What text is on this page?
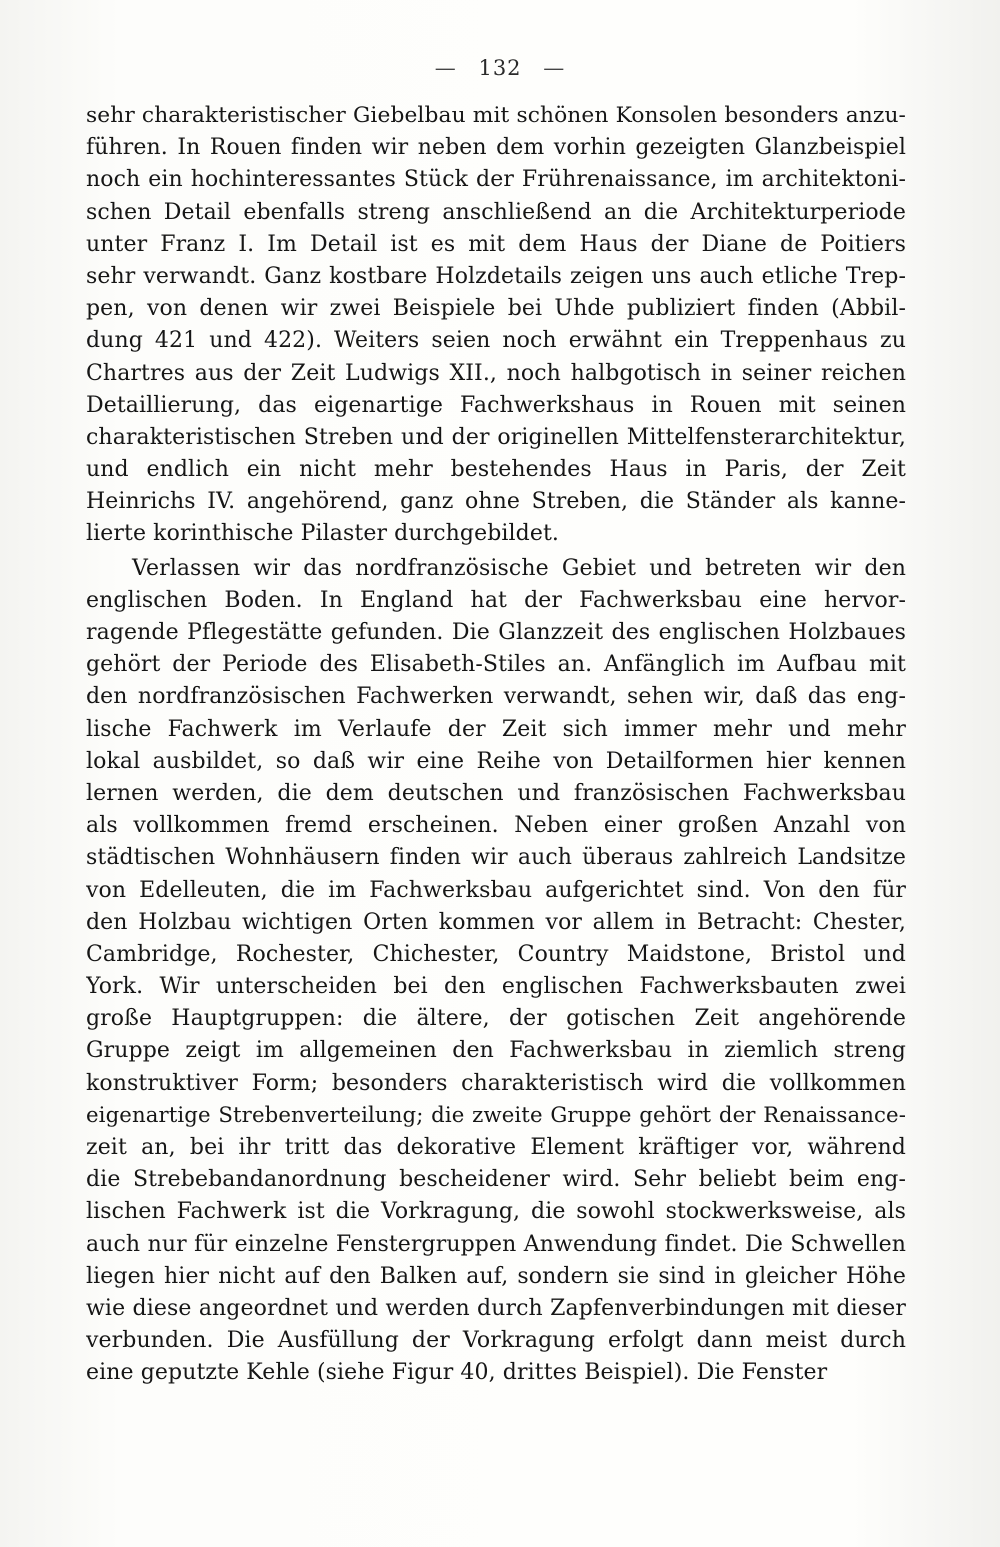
— 132 —
sehr charakteristischer Giebelbau mit schönen Konsolen besonders anzu-
führen. In Rouen finden wir neben dem vorhin gezeigten Glanzbeispiel
noch ein hochinteressantes Stück der Frührenaissance, im architektoni-
schen Detail ebenfalls streng anschließend an die Architekturperiode
unter Franz I. Im Detail ist es mit dem Haus der Diane de Poitiers
sehr verwandt. Ganz kostbare Holzdetails zeigen uns auch etliche Trep-
pen, von denen wir zwei Beispiele bei Uhde publiziert finden (Abbil-
dung 421 und 422). Weiters seien noch erwähnt ein Treppenhaus zu
Chartres aus der Zeit Ludwigs XII., noch halbgotisch in seiner reichen
Detaillierung, das eigenartige Fachwerkshaus in Rouen mit seinen
charakteristischen Streben und der originellen Mittelfensterarchitektur,
und endlich ein nicht mehr bestehendes Haus in Paris, der Zeit
Heinrichs IV. angehörend, ganz ohne Streben, die Ständer als kanne-
lierte korinthische Pilaster durchgebildet.
Verlassen wir das nordfranzösische Gebiet und betreten wir den
englischen Boden. In England hat der Fachwerksbau eine hervor-
ragende Pflegestätte gefunden. Die Glanzzeit des englischen Holzbaues
gehört der Periode des Elisabeth-Stiles an. Anfänglich im Aufbau mit
den nordfranzösischen Fachwerken verwandt, sehen wir, daß das eng-
lische Fachwerk im Verlaufe der Zeit sich immer mehr und mehr
lokal ausbildet, so daß wir eine Reihe von Detailformen hier kennen
lernen werden, die dem deutschen und französischen Fachwerksbau
als vollkommen fremd erscheinen. Neben einer großen Anzahl von
städtischen Wohnhäusern finden wir auch überaus zahlreich Landsitze
von Edelleuten, die im Fachwerksbau aufgerichtet sind. Von den für
den Holzbau wichtigen Orten kommen vor allem in Betracht: Chester,
Cambridge, Rochester, Chichester, Country Maidstone, Bristol und
York. Wir unterscheiden bei den englischen Fachwerksbauten zwei
große Hauptgruppen: die ältere, der gotischen Zeit angehörende
Gruppe zeigt im allgemeinen den Fachwerksbau in ziemlich streng
konstruktiver Form; besonders charakteristisch wird die vollkommen
eigenartige Strebenverteilung; die zweite Gruppe gehört der Renaissance-
zeit an, bei ihr tritt das dekorative Element kräftiger vor, während
die Strebebandanordnung bescheidener wird. Sehr beliebt beim eng-
lischen Fachwerk ist die Vorkragung, die sowohl stockwerksweise, als
auch nur für einzelne Fenstergruppen Anwendung findet. Die Schwellen
liegen hier nicht auf den Balken auf, sondern sie sind in gleicher Höhe
wie diese angeordnet und werden durch Zapfenverbindungen mit dieser
verbunden. Die Ausfüllung der Vorkragung erfolgt dann meist durch
eine geputzte Kehle (siehe Figur 40, drittes Beispiel). Die Fenster
